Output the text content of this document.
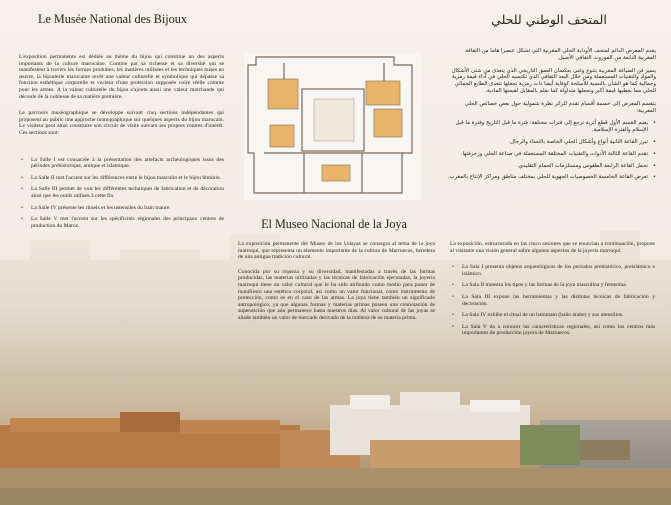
Le Musée National des Bijoux

L'exposition permanente est dédiée au thème du bijou qui constitue un des aspects importants de la culture marocaine. Comme par sa richesse et sa diversité qui se manifestent à travers les formes produites, les matières utilisées et les techniques mises en œuvre, la bijouterie marocaine revêt une valeur culturelle et symbolique qui dépasse sa fonction esthétique corporelle et vecteur d'une protection supposée voire réelle comme pour les armes. A la valeur culturelle du bijou s'ajoute aussi une valeur marchande qui découle de la noblesse de sa matière première.

Le parcours muséographique se développe suivant cinq sections indépendantes qui proposent au public une approche monographique sur quelques aspects du bijou marocain. Le visiteur peut ainsi construire son circuit de visite suivant ses propres centres d'intérêt. Ces sections sont:

• La Salle I est consacrée à la présentation des artefacts archéologiques issus des périodes préhistorique, antique et islamique.
• La Salle II met l'accent sur les différences entre le bijou masculin et le bijou féminin.
• La Salle III permet de voir les différentes techniques de fabrication et de décoration ainsi que les outils utilisés à cette fin.
• La Salle IV présente les rituels et les ustensiles du bain maure.
• La Salle V met l'accent sur les spécificités régionales des principaux centres de production du Maroc.	El Museo Nacional de la Joya

La exposición permanente del Museo de los Udayas se consagra al tema de la joya marroquí, que representa un elemento importante de la cultura de Marruecos, heredera de una antigua tradición cultural.

Conocida por su riqueza y su diversidad, manifestadas a través de las formas producidas, las materias utilizadas y las técnicas de fabricación ejecutadas, la joyería marroquí tiene un valor cultural que le ha sido atribuido como medio para poner de manifiesto una estética corporal, así como un valor funcional, como instrumento de protección, como es en el caso de las armas. La joya tiene también un significado antropológico, ya que algunas formas y materias primas poseen una connotación de superstición que aún permanece hasta nuestros días. Al valor cultural de las joyas se añade también un valor de mercado derivado de la nobleza de su materia prima.

La exposición, estructurada en las cinco sesiones que se enuncian a continuación, propone al visitante una visión general sobre algunos aspectos de la joyería marroquí.

• La Sala I presenta objetos arqueológicos de los periodos prehistórico, preislámico e islámico.
• La Sala II muestra los tipos y las formas de la joya masculina y femenina.
• La Sala III expone las herramientas y las distintas técnicas de fabricación y decoración.
• La Sala IV exhibe el ritual de un hammam (baño árabe) y sus utensilios.
• La Sala V da a conocer las características regionales, así como los centros más importantes de producción joyera de Marruecos.
المتحف الوطني للحلي

يقدم المعرض الدائم لمتحف الأوداية الحلي المغربية التي تشكل عنصرا هاما من الثقافة المغربية النابعة من الموروث الثقافي الأصيل.

يتميز فن الصياغة المغربية بتنوع وغنى يعكسان العمق التاريخي الذي يتغذى من شتى الأشكال والمواد والتقنيات المستعملة ومن خلال البعد الثقافي الذي تكتسيه الحلي في أداء قيمة رمزية وجمالية كما هو الشأن بالنسبة للأسلحة كوقاية أيضا ذات رمزية تجعلها تتعدى الطابع الجمالي للحلي مما يعطيها قيمة أكبر وتجعلها متداولة كما نعلم بالمقابل لقيمتها المادية.

يتقسم المعرض إلى خمسة أقسام تقدم للزائر نظرة شمولية حول بعض خصائص الحلي المغربية:

• يضم القسم الأول قطع أثرية ترجع إلى فترات مختلفة: فترة ما قبل التاريخ وفترة ما قبل الإسلام والفترة الإسلامية.
• تبرز القاعة الثانية أنواع وأشكال الحلي الخاصة بالنساء والرجال.
• تقدم القاعة الثالثة الأدوات والتقنيات المختلفة المستعملة في صناعة الحلي وزخرفتها.
• تحمل القاعة الرابعة الطقوس ومستلزمات الحمام التقليدي.
• تعرض القاعة الخامسة الخصوصيات الجهوية للحلي بمختلف مناطق ومراكز الإنتاج بالمغرب.
